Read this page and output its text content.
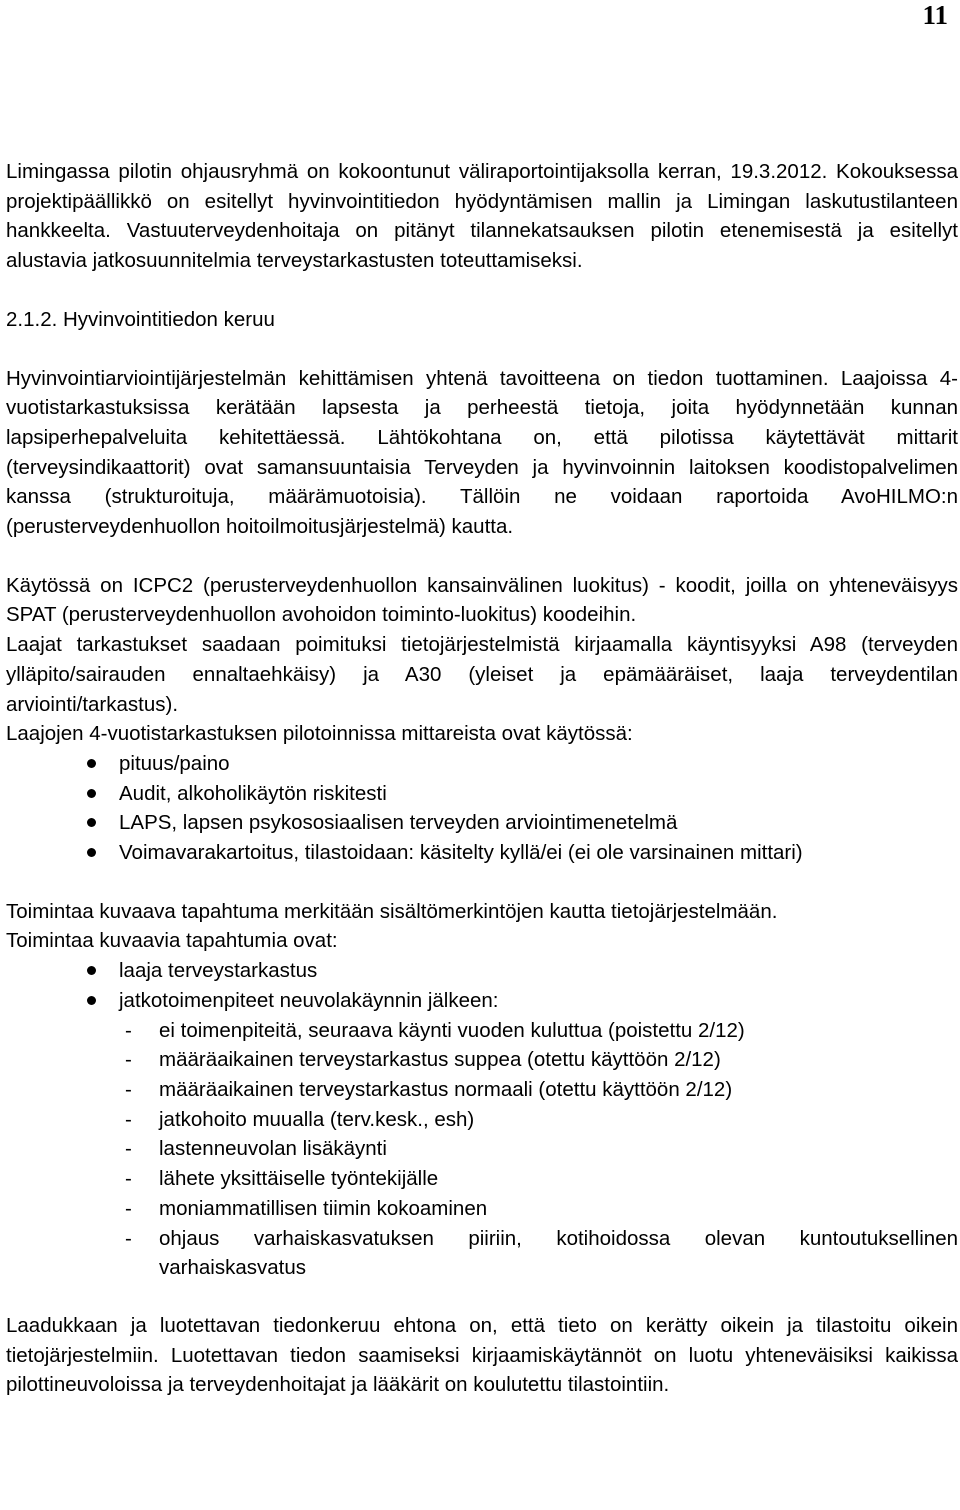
11

Limingassa pilotin ohjausryhmä on kokoontunut väliraportointijaksolla kerran, 19.3.2012. Kokouksessa projektipäällikkö on esitellyt hyvinvointitiedon hyödyntämisen mallin ja Limingan laskutustilanteen hankkeelta. Vastuuterveydenhoitaja on pitänyt tilannekatsauksen pilotin etenemisestä ja esitellyt alustavia jatkosuunnitelmia terveystarkastusten toteuttamiseksi.

2.1.2. Hyvinvointitiedon keruu

Hyvinvointiarviointijärjestelmän kehittämisen yhtenä tavoitteena on tiedon tuottaminen. Laajoissa 4-vuotistarkastuksissa kerätään lapsesta ja perheestä tietoja, joita hyödynnetään kunnan lapsiperhepalveluita kehitettäessä. Lähtökohtana on, että pilotissa käytettävät mittarit (terveysindikaattorit) ovat samansuuntaisia Terveyden ja hyvinvoinnin laitoksen koodistopalvelimen kanssa (strukturoituja, määrämuotoisia). Tällöin ne voidaan raportoida AvoHILMO:n (perusterveydenhuollon hoitoilmoitusjärjestelmä) kautta.

Käytössä on ICPC2 (perusterveydenhuollon kansainvälinen luokitus) - koodit, joilla on yhteneväisyys SPAT (perusterveydenhuollon avohoidon toiminto-luokitus) koodeihin.

Laajat tarkastukset saadaan poimituksi tietojärjestelmistä kirjaamalla käyntisyyksi A98 (terveyden ylläpito/sairauden ennaltaehkäisy) ja A30 (yleiset ja epämääräiset, laaja terveydentilan arviointi/tarkastus).

Laajojen 4-vuotistarkastuksen pilotoinnissa mittareista ovat käytössä:

pituus/paino
Audit, alkoholikäytön riskitesti
LAPS, lapsen psykososiaalisen terveyden arviointimenetelmä
Voimavarakartoitus, tilastoidaan: käsitelty kyllä/ei (ei ole varsinainen mittari)

Toimintaa kuvaava tapahtuma merkitään sisältömerkintöjen kautta tietojärjestelmään.

Toimintaa kuvaavia tapahtumia ovat:

laaja terveystarkastus
jatkotoimenpiteet neuvolakäynnin jälkeen:
- ei toimenpiteitä, seuraava käynti vuoden kuluttua (poistettu 2/12)
- määräaikainen terveystarkastus suppea (otettu käyttöön 2/12)
- määräaikainen terveystarkastus normaali (otettu käyttöön 2/12)
- jatkohoito muualla (terv.kesk., esh)
- lastenneuvolan lisäkäynti
- lähete yksittäiselle työntekijälle
- moniammatillisen tiimin kokoaminen
- ohjaus varhaiskasvatuksen piiriin, kotihoidossa olevan kuntoutuksellinen varhaiskasvatus

Laadukkaan ja luotettavan tiedonkeruu ehtona on, että tieto on kerätty oikein ja tilastoitu oikein tietojärjestelmiin. Luotettavan tiedon saamiseksi kirjaamiskäytännöt on luotu yhteneväisiksi kaikissa pilottineuvoloissa ja terveydenhoitajat ja lääkärit on koulutettu tilastointiin.
